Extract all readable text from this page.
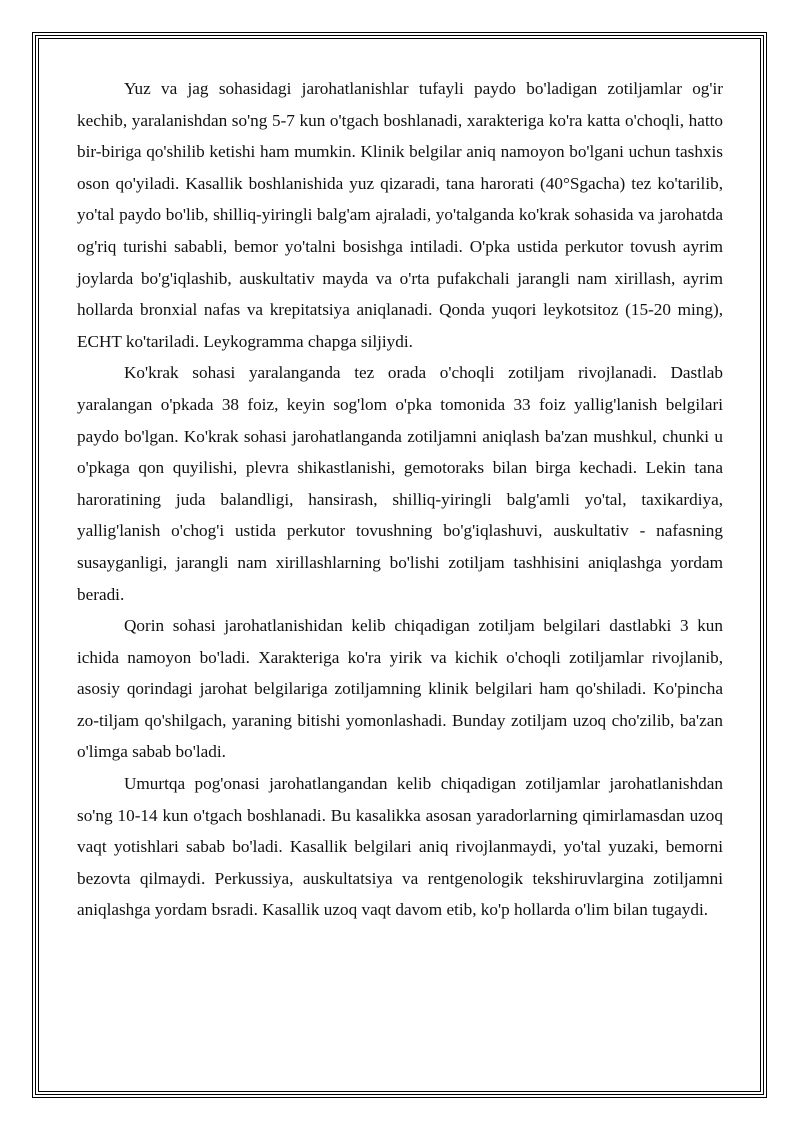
Yuz va jag sohasidagi jarohatlanishlar tufayli paydo bo'ladigan zotiljamlar og'ir kechib, yaralanishdan so'ng 5-7 kun o'tgach boshlanadi, xarakteriga ko'ra katta o'choqli, hatto bir-biriga qo'shilib ketishi ham mumkin. Klinik belgilar aniq namoyon bo'lgani uchun tashxis oson qo'yiladi. Kasallik boshlanishida yuz qizaradi, tana harorati (40°Sgacha) tez ko'tarilib, yo'tal paydo bo'lib, shilliq-yiringli balg'am ajraladi, yo'talganda ko'krak sohasida va jarohatda og'riq turishi sababli, bemor yo'talni bosishga intiladi. O'pka ustida perkutor tovush ayrim joylarda bo'g'iqlashib, auskultativ mayda va o'rta pufakchali jarangli nam xirillash, ayrim hollarda bronxial nafas va krepitatsiya aniqlanadi. Qonda yuqori leykotsitoz (15-20 ming), ECHT ko'tariladi. Leykogramma chapga siljiydi.

Ko'krak sohasi yaralanganda tez orada o'choqli zotiljam rivojlanadi. Dastlab yaralangan o'pkada 38 foiz, keyin sog'lom o'pka tomonida 33 foiz yallig'lanish belgilari paydo bo'lgan. Ko'krak sohasi jarohatlanganda zotiljamni aniqlash ba'zan mushkul, chunki u o'pkaga qon quyilishi, plevra shikastlanishi, gemotoraks bilan birga kechadi. Lekin tana haroratining juda balandligi, hansirash, shilliq-yiringli balg'amli yo'tal, taxikardiya, yallig'lanish o'chog'i ustida perkutor tovushning bo'g'iqlashuvi, auskultativ - nafasning susayganligi, jarangli nam xirillashlarning bo'lishi zotiljam tashhisini aniqlashga yordam beradi.

Qorin sohasi jarohatlanishidan kelib chiqadigan zotiljam belgilari dastlabki 3 kun ichida namoyon bo'ladi. Xarakteriga ko'ra yirik va kichik o'choqli zotiljamlar rivojlanib, asosiy qorindagi jarohat belgilariga zotiljamning klinik belgilari ham qo'shiladi. Ko'pincha zo-tiljam qo'shilgach, yaraning bitishi yomonlashadi. Bunday zotiljam uzoq cho'zilib, ba'zan o'limga sabab bo'ladi.

Umurtqa pog'onasi jarohatlangandan kelib chiqadigan zotiljamlar jarohatlanishdan so'ng 10-14 kun o'tgach boshlanadi. Bu kasalikka asosan yaradorlarning qimirlamasdan uzoq vaqt yotishlari sabab bo'ladi. Kasallik belgilari aniq rivojlanmaydi, yo'tal yuzaki, bemorni bezovta qilmaydi. Perkussiya, auskultatsiya va rentgenologik tekshiruvlargina zotiljamni aniqlashga yordam bsradi. Kasallik uzoq vaqt davom etib, ko'p hollarda o'lim bilan tugaydi.
